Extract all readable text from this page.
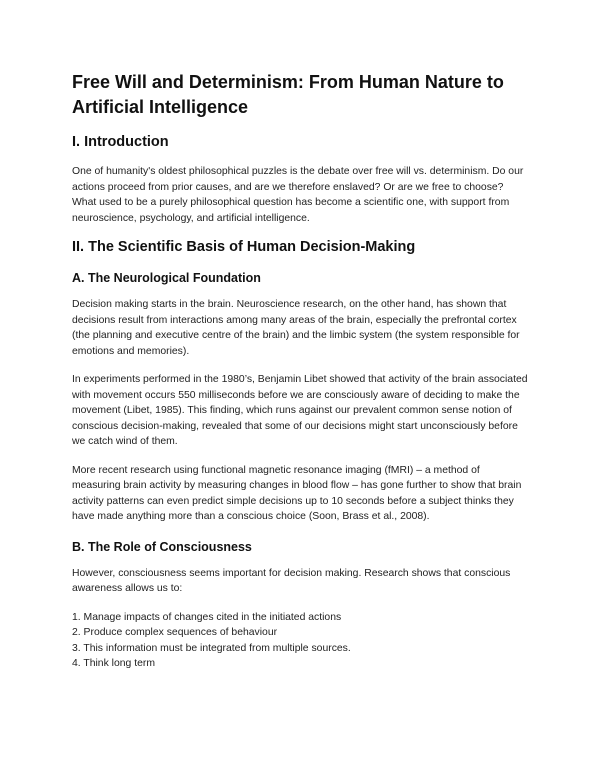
Free Will and Determinism: From Human Nature to Artificial Intelligence
I. Introduction

One of humanity's oldest philosophical puzzles is the debate over free will vs. determinism. Do our actions proceed from prior causes, and are we therefore enslaved? Or are we free to choose? What used to be a purely philosophical question has become a scientific one, with support from neuroscience, psychology, and artificial intelligence.

II. The Scientific Basis of Human Decision-Making
A. The Neurological Foundation

Decision making starts in the brain. Neuroscience research, on the other hand, has shown that decisions result from interactions among many areas of the brain, especially the prefrontal cortex (the planning and executive centre of the brain) and the limbic system (the system responsible for emotions and memories).

In experiments performed in the 1980’s, Benjamin Libet showed that activity of the brain associated with movement occurs 550 milliseconds before we are consciously aware of deciding to make the movement (Libet, 1985). This finding, which runs against our prevalent common sense notion of conscious decision-making, revealed that some of our decisions might start unconsciously before we catch wind of them.

More recent research using functional magnetic resonance imaging (fMRI) – a method of measuring brain activity by measuring changes in blood flow – has gone further to show that brain activity patterns can even predict simple decisions up to 10 seconds before a subject thinks they have made anything more than a conscious choice (Soon, Brass et al., 2008).

B. The Role of Consciousness

However, consciousness seems important for decision making. Research shows that conscious awareness allows us to:

1. Manage impacts of changes cited in the initiated actions
2. Produce complex sequences of behaviour
3. This information must be integrated from multiple sources.
4. Think long term
